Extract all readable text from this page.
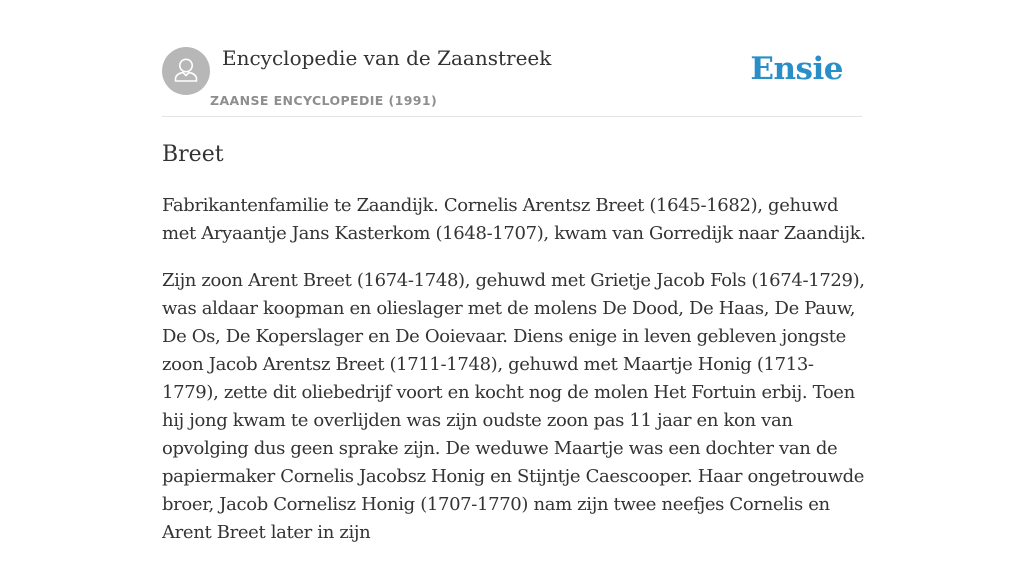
Encyclopedie van de Zaanstreek
ZAANSE ENCYCLOPEDIE (1991)
Ensie
Breet

Fabrikantenfamilie te Zaandijk. Cornelis Arentsz Breet (1645-1682), gehuwd met Aryaantje Jans Kasterkom (1648-1707), kwam van Gorredijk naar Zaandijk.

Zijn zoon Arent Breet (1674-1748), gehuwd met Grietje Jacob Fols (1674-1729), was aldaar koopman en olieslager met de molens De Dood, De Haas, De Pauw, De Os, De Koperslager en De Ooievaar. Diens enige in leven gebleven jongste zoon Jacob Arentsz Breet (1711-1748), gehuwd met Maartje Honig (1713-1779), zette dit oliebedrijf voort en kocht nog de molen Het Fortuin erbij. Toen hij jong kwam te overlijden was zijn oudste zoon pas 11 jaar en kon van opvolging dus geen sprake zijn. De weduwe Maartje was een dochter van de papiermaker Cornelis Jacobsz Honig en Stijntje Caescooper. Haar ongetrouwde broer, Jacob Cornelisz Honig (1707-1770) nam zijn twee neefjes Cornelis en Arent Breet later in zijn
